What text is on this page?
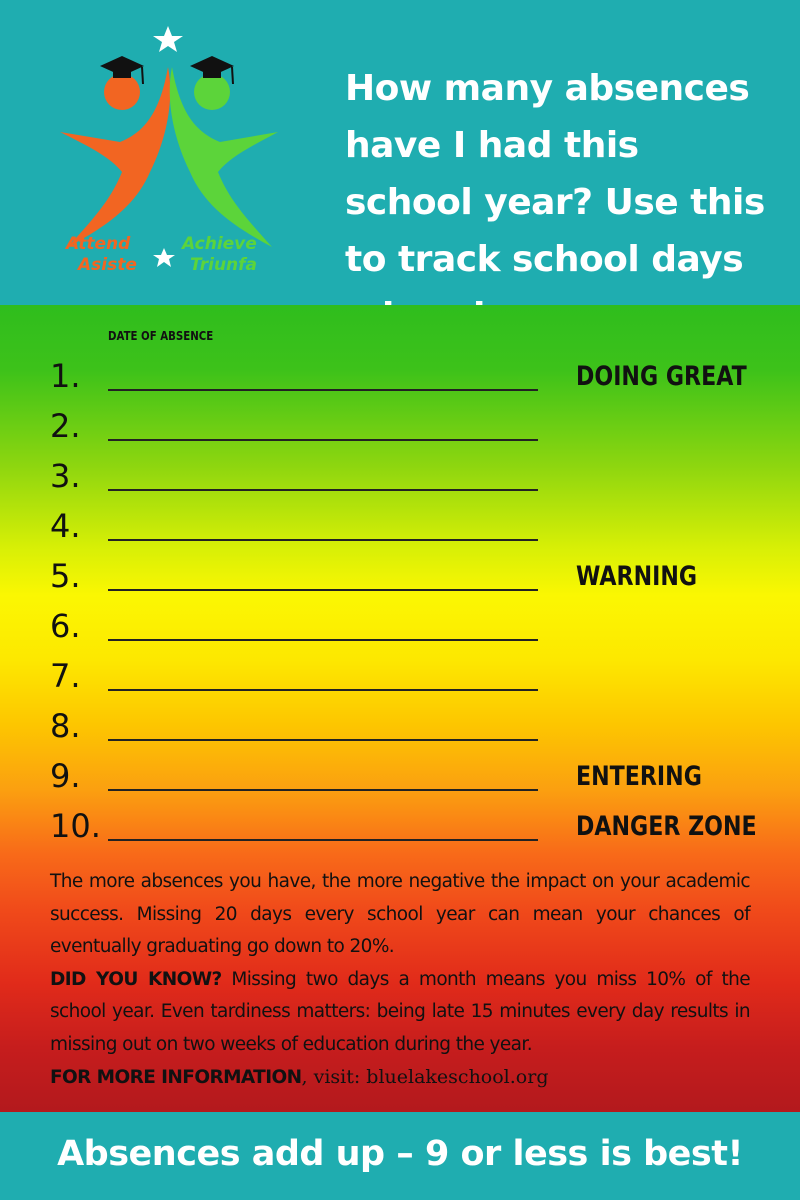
Attend
Asiste
Achieve
Triunfa
How many absences have I had this school year? Use this to track school days
DATE OF ABSENCE
1.	DOING GREAT
2.
3.
4.
5.	WARNING
6.
7.
8.
9.	ENTERING
10.	DANGER ZONE

The more absences you have, the more negative the impact on your academic success. Missing 20 days every school year can mean your chances of eventually graduating go down to 20%.

DID YOU KNOW? Missing two days a month means you miss 10% of the school year. Even tardiness matters: being late 15 minutes every day results in missing out on two weeks of education during the year.

FOR MORE INFORMATION, visit: bluelakeschool.org

Absences add up – 9 or less is best!
